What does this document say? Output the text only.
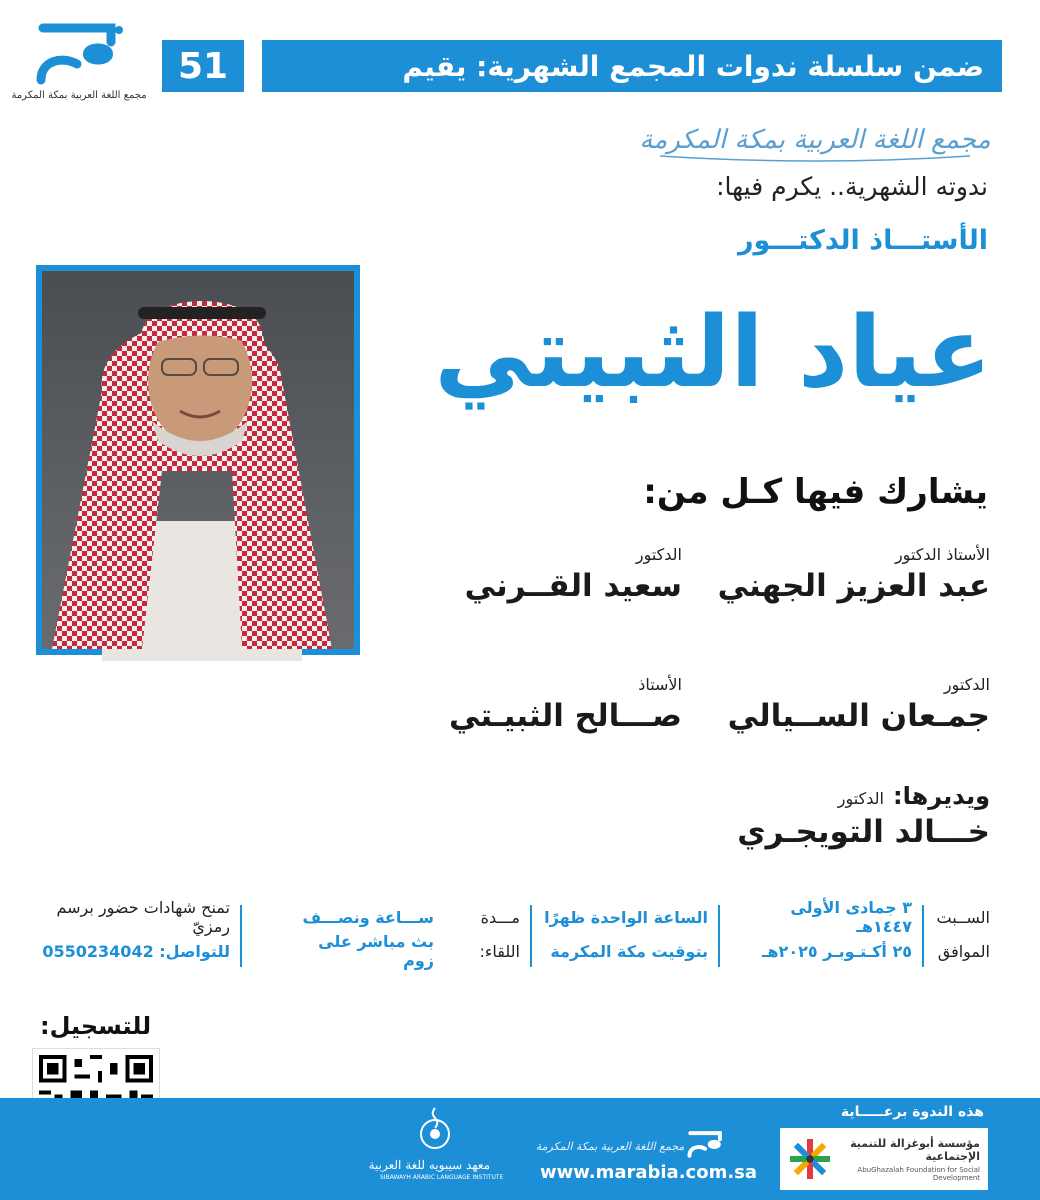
مجمع اللغة العربية بمكة المكرمة
51	ضمن سلسلة ندوات المجمع الشهرية: يقيم
مجمع اللغة العربية بمكة المكرمة
ندوته الشهرية.. يكرم فيها:
الأستـــاذ الدكتـــور
عياد الثبيتي
يشارك فيها كـل من:
الأستاذ الدكتور
عبد العزيز الجهني
الدكتور
سعيد القــرني
الدكتور
جمـعان الســيالي
الأستاذ
صـــالح الثبيـتي
ويديرها: الدكتور
خـــالد التويجـري
الســبت
الموافق
٣ جمادى الأولى ١٤٤٧هـ
٢٥ أكـتـوبـر ٢٠٢٥هـ
الساعة الواحدة ظهرًا
بتوقيت مكة المكرمة
مـــدة
اللقاء:
ســـاعة ونصـــف
بث مباشر على زوم
تمنح شهادات حضور برسم رمزيّ
للتواصل: 0550234042
للتسجيل:
هذه الندوة برعـــــاية
مؤسسة أبوغزالة للتنمية الإجتماعية
AbuGhazalah Foundation for Social Development
مجمع اللغة العربية بمكة المكرمة
www.marabia.com.sa
معهد سيبويه للغة العربية
SIBAWAYH ARABIC LANGUAGE INSTITUTE
